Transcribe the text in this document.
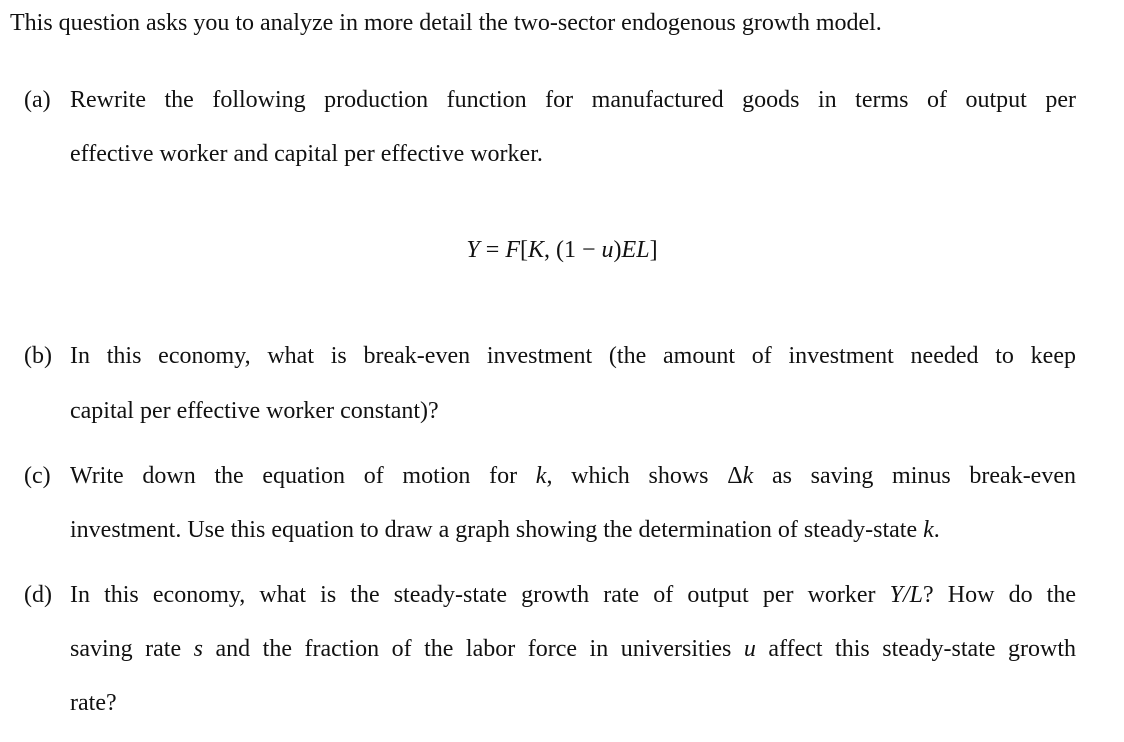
This question asks you to analyze in more detail the two-sector endogenous growth model.
(a) Rewrite the following production function for manufactured goods in terms of output per
effective worker and capital per effective worker.
Y = F[K, (1 − u)EL]
(b) In this economy, what is break-even investment (the amount of investment needed to keep
capital per effective worker constant)?
(c) Write down the equation of motion for k, which shows Δk as saving minus break-even
investment. Use this equation to draw a graph showing the determination of steady-state k.
(d) In this economy, what is the steady-state growth rate of output per worker Y/L? How do the
saving rate s and the fraction of the labor force in universities u affect this steady-state growth
rate?
